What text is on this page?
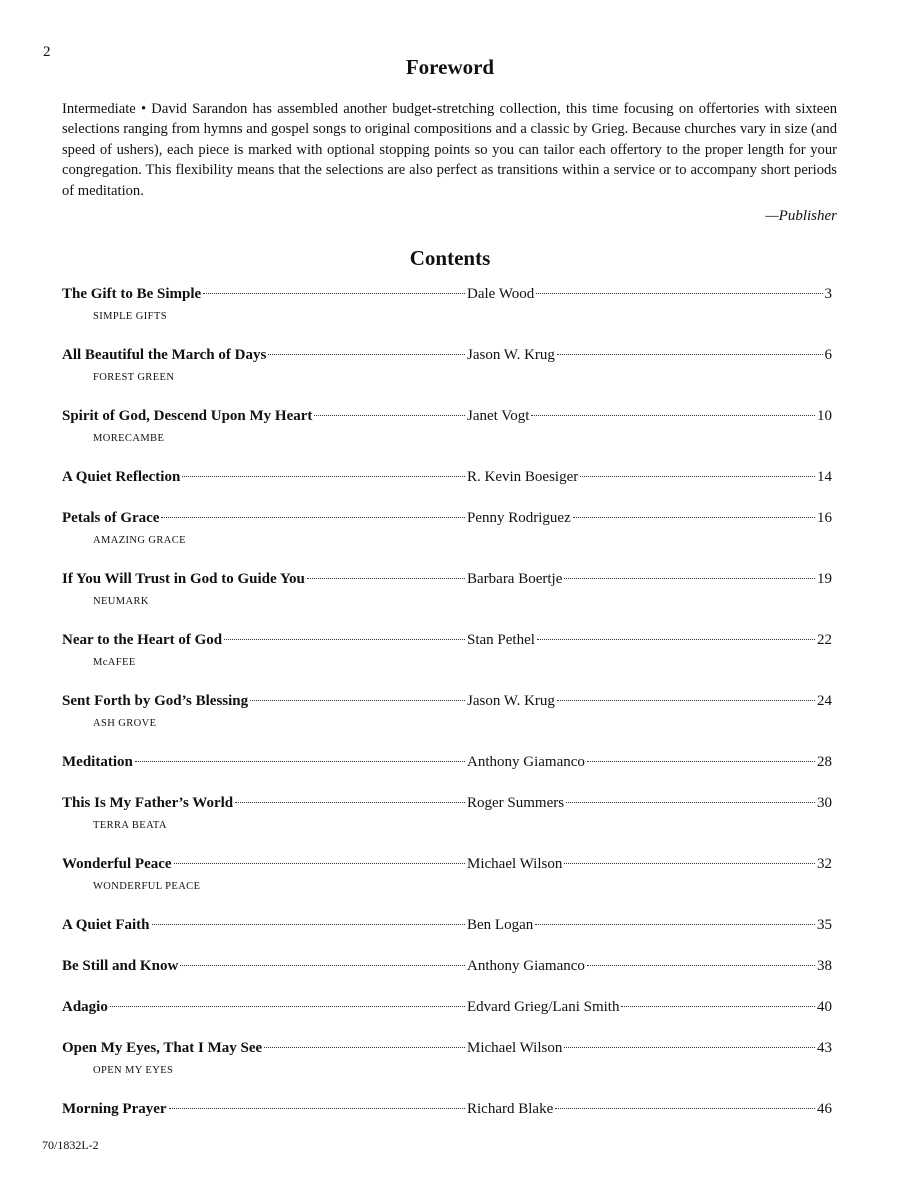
2
Foreword

Intermediate • David Sarandon has assembled another budget-stretching collection, this time focusing on offertories with sixteen selections ranging from hymns and gospel songs to original compositions and a classic by Grieg. Because churches vary in size (and speed of ushers), each piece is marked with optional stopping points so you can tailor each offertory to the proper length for your congregation. This flexibility means that the selections are also perfect as transitions within a service or to accompany short periods of meditation.

—Publisher
Contents
The Gift to Be Simple	Dale Wood	3
SIMPLE GIFTS
All Beautiful the March of Days	Jason W. Krug	6
FOREST GREEN
Spirit of God, Descend Upon My Heart	Janet Vogt	10
MORECAMBE
A Quiet Reflection	R. Kevin Boesiger	14
Petals of Grace	Penny Rodriguez	16
AMAZING GRACE
If You Will Trust in God to Guide You	Barbara Boertje	19
NEUMARK
Near to the Heart of God	Stan Pethel	22
McAFEE
Sent Forth by God’s Blessing	Jason W. Krug	24
ASH GROVE
Meditation	Anthony Giamanco	28
This Is My Father’s World	Roger Summers	30
TERRA BEATA
Wonderful Peace	Michael Wilson	32
WONDERFUL PEACE
A Quiet Faith	Ben Logan	35
Be Still and Know	Anthony Giamanco	38
Adagio	Edvard Grieg/Lani Smith	40
Open My Eyes, That I May See	Michael Wilson	43
OPEN MY EYES
Morning Prayer	Richard Blake	46
70/1832L-2
